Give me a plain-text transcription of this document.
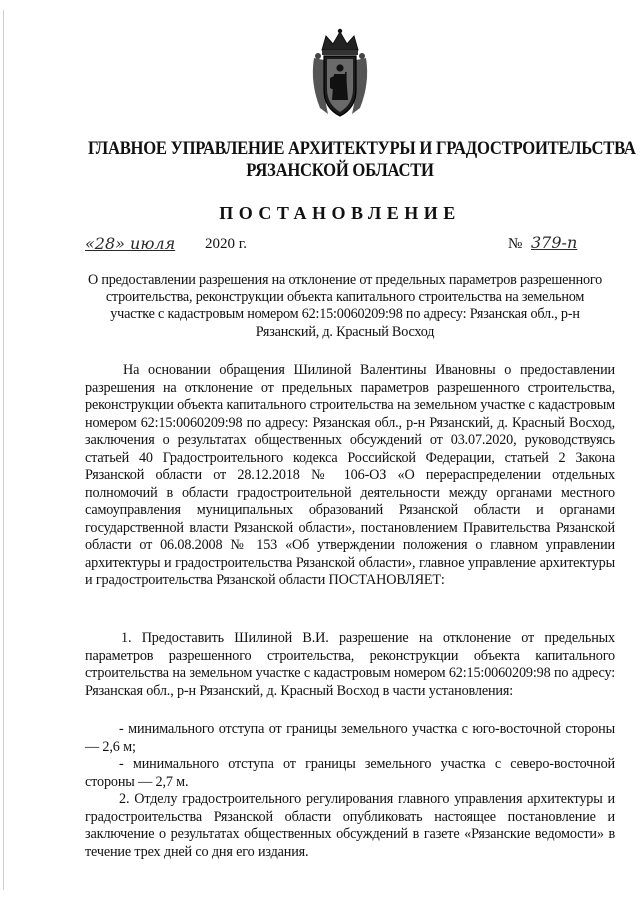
ГЛАВНОЕ УПРАВЛЕНИЕ АРХИТЕКТУРЫ И ГРАДОСТРОИТЕЛЬСТВА
РЯЗАНСКОЙ ОБЛАСТИ
ПОСТАНОВЛЕНИЕ
«28» июля 2020 г.	№ 379-п
О предоставлении разрешения на отклонение от предельных параметров разрешенного строительства, реконструкции объекта капитального строительства на земельном участке с кадастровым номером 62:15:0060209:98 по адресу: Рязанская обл., р-н Рязанский, д. Красный Восход
На основании обращения Шилиной Валентины Ивановны о предоставлении разрешения на отклонение от предельных параметров разрешенного строительства, реконструкции объекта капитального строительства на земельном участке с кадастровым номером 62:15:0060209:98 по адресу: Рязанская обл., р-н Рязанский, д. Красный Восход, заключения о результатах общественных обсуждений от 03.07.2020, руководствуясь статьей 40 Градостроительного кодекса Российской Федерации, статьей 2 Закона Рязанской области от 28.12.2018 № 106-ОЗ «О перераспределении отдельных полномочий в области градостроительной деятельности между органами местного самоуправления муниципальных образований Рязанской области и органами государственной власти Рязанской области», постановлением Правительства Рязанской области от 06.08.2008 № 153 «Об утверждении положения о главном управлении архитектуры и градостроительства Рязанской области», главное управление архитектуры и градостроительства Рязанской области ПОСТАНОВЛЯЕТ:
1. Предоставить Шилиной В.И. разрешение на отклонение от предельных параметров разрешенного строительства, реконструкции объекта капитального строительства на земельном участке с кадастровым номером 62:15:0060209:98 по адресу: Рязанская обл., р-н Рязанский, д. Красный Восход в части установления:
- минимального отступа от границы земельного участка с юго-восточной стороны — 2,6 м;
- минимального отступа от границы земельного участка с северо-восточной стороны — 2,7 м.
2. Отделу градостроительного регулирования главного управления архитектуры и градостроительства Рязанской области опубликовать настоящее постановление и заключение о результатах общественных обсуждений в газете «Рязанские ведомости» в течение трех дней со дня его издания.
